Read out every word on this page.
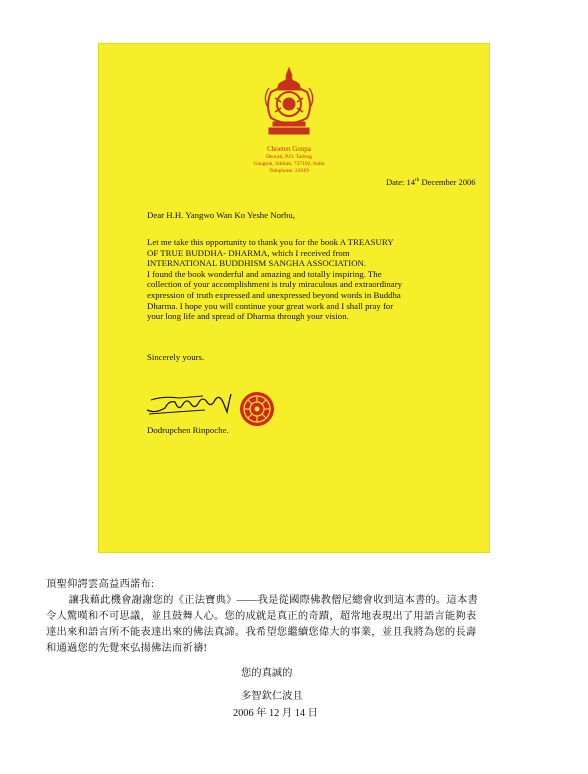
Choeten Gonpa
Deorali, P.O. Tadong
Gangtok, Sikkim, 737102, India
Telephone: 22019
Date: 14th December 2006
Dear H.H. Yangwo Wan Ko Yeshe Norbu,

Let me take this opportunity to thank you for the book A TREASURY

OF TRUE BUDDHA- DHARMA, which I received from

INTERNATIONAL BUDDHISM SANGHA ASSOCIATION.

I found the book wonderful and amazing and totally inspiring. The

collection of your accomplishment is truly miraculous and extraordinary

expression of truth expressed and unexpressed beyond words in Buddha

Dharma. I hope you will continue your great work and I shall pray for

your long life and spread of Dharma through your vision.

Sincerely yours.
Dodrupchen Rinpoche.

頂聖仰諤雲高益西諾布:

讓我藉此機會謝謝您的《正法寶典》——我是從國際佛教僧尼總會收到這本書的。這本書

令人驚嘆和不可思議，並且鼓舞人心。您的成就是真正的奇蹟，超常地表現出了用語言能夠表

達出來和語言所不能表達出來的佛法真諦。我希望您繼續您偉大的事業，並且我將為您的長壽

和通過您的先覺來弘揚佛法而祈禱!

您的真誠的
多智欽仁波且
2006 年 12 月 14 日
